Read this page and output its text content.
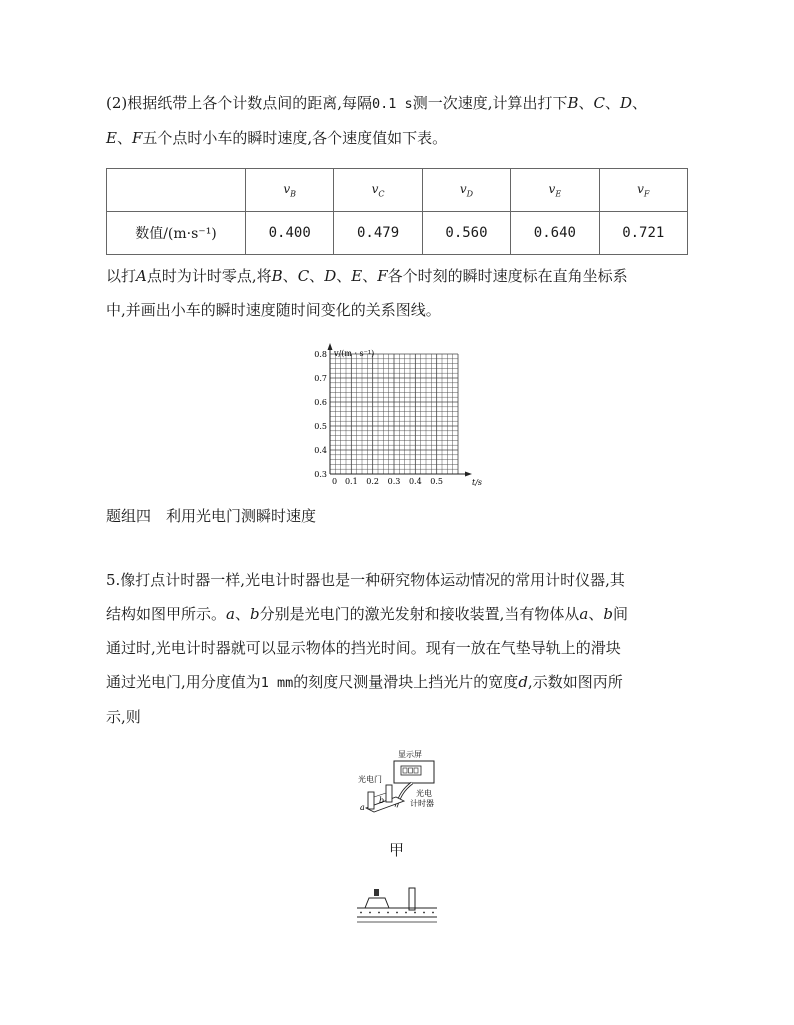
(2)根据纸带上各个计数点间的距离,每隔0.1 s测一次速度,计算出打下B、C、D、
E、F五个点时小车的瞬时速度,各个速度值如下表。

	$v_B$	$v_C$	$v_D$	$v_E$	$v_F$
数值/(m·s⁻¹)	0.400	0.479	0.560	0.640	0.721

以打A点时为计时零点,将B、C、D、E、F各个时刻的瞬时速度标在直角坐标系
中,并画出小车的瞬时速度随时间变化的关系图线。

0.3
0.4
0.5
0.6
0.7
0.8
0 0.1 0.2 0.3 0.4 0.5
v/(m · s⁻¹)
t/s

题组四　利用光电门测瞬时速度

5.像打点计时器一样,光电计时器也是一种研究物体运动情况的常用计时仪器,其
结构如图甲所示。a、b分别是光电门的激光发射和接收装置,当有物体从a、b间
通过时,光电计时器就可以显示物体的挡光时间。现有一放在气垫导轨上的滑块
通过光电门,用分度值为1 mm的刻度尺测量滑块上挡光片的宽度d,示数如图丙所
示,则

显示屏
光电门
a
b
光电
计时器
甲
